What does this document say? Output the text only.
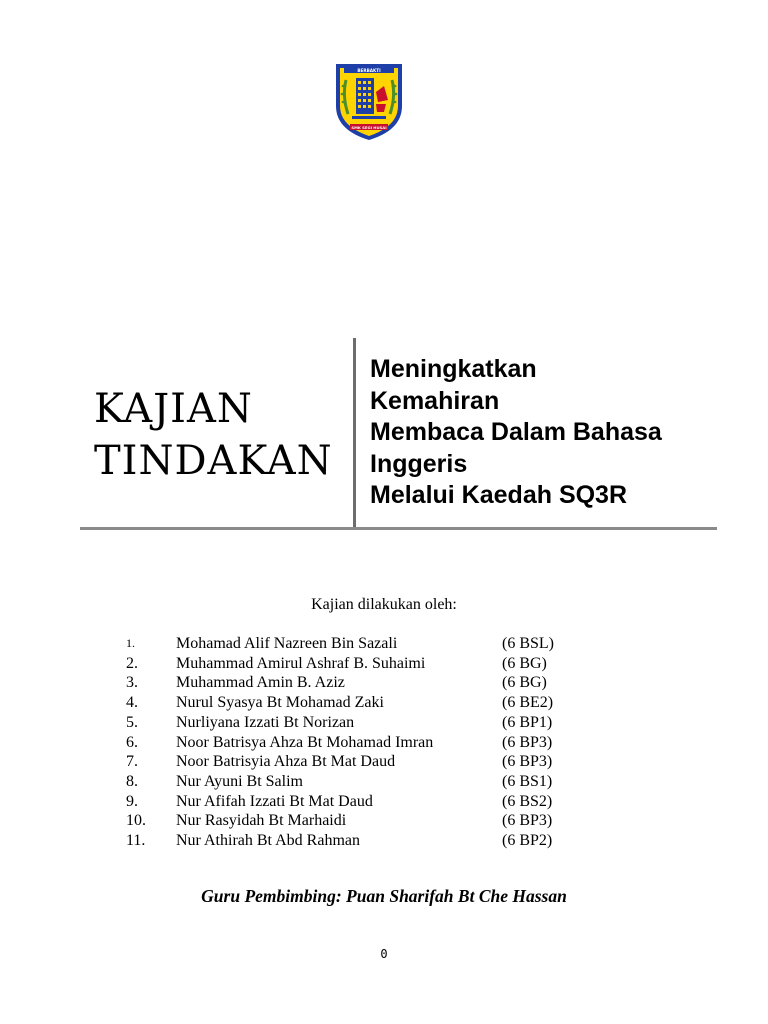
BERBAKTI
SMK SEGI HUSAI
KAJIAN
TINDAKAN
Meningkatkan
Kemahiran
Membaca Dalam Bahasa
Inggeris
Melalui Kaedah SQ3R
Kajian dilakukan oleh:
1.	Mohamad Alif Nazreen Bin Sazali	(6 BSL)
2.	Muhammad Amirul Ashraf B. Suhaimi	(6 BG)
3.	Muhammad Amin B. Aziz	(6 BG)
4.	Nurul Syasya Bt Mohamad Zaki	(6 BE2)
5.	Nurliyana Izzati Bt Norizan	(6 BP1)
6.	Noor Batrisya Ahza Bt Mohamad Imran	(6 BP3)
7.	Noor Batrisyia Ahza Bt Mat Daud	(6 BP3)
8.	Nur Ayuni Bt Salim	(6 BS1)
9.	Nur Afifah Izzati Bt Mat Daud	(6 BS2)
10.	Nur Rasyidah Bt Marhaidi	(6 BP3)
11.	Nur Athirah Bt Abd Rahman	(6 BP2)
Guru Pembimbing: Puan Sharifah Bt Che Hassan
0
